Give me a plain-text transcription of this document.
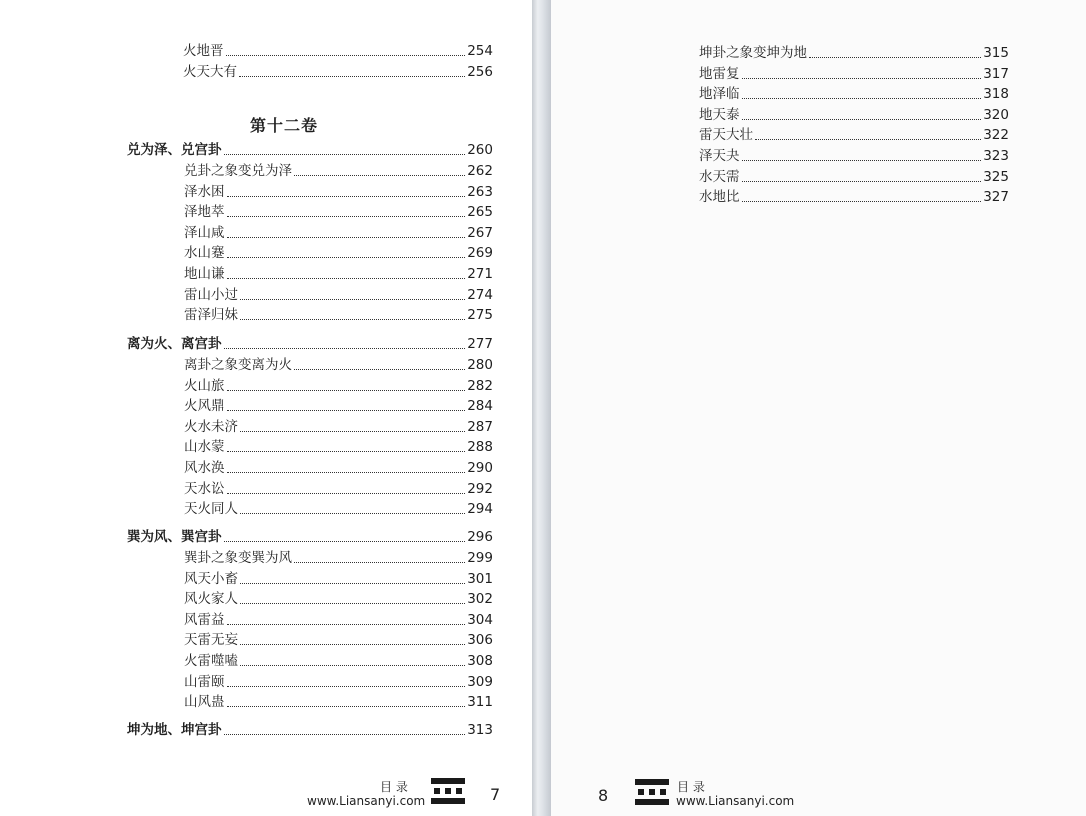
火地晋	254
火天大有	256
兑为泽、兑宫卦	260
兑卦之象变兑为泽	262
泽水困	263
泽地萃	265
泽山咸	267
水山蹇	269
地山谦	271
雷山小过	274
雷泽归妹	275
离为火、离宫卦	277
离卦之象变离为火	280
火山旅	282
火风鼎	284
火水未济	287
山水蒙	288
风水涣	290
天水讼	292
天火同人	294
巽为风、巽宫卦	296
巽卦之象变巽为风	299
风天小畜	301
风火家人	302
风雷益	304
天雷无妄	306
火雷噬嗑	308
山雷颐	309
山风蛊	311
坤为地、坤宫卦	313
第十二卷
目 录
www.Liansanyi.com	7
坤卦之象变坤为地	315
地雷复	317
地泽临	318
地天泰	320
雷天大壮	322
泽天夬	323
水天需	325
水地比	327
8	目 录
www.Liansanyi.com
